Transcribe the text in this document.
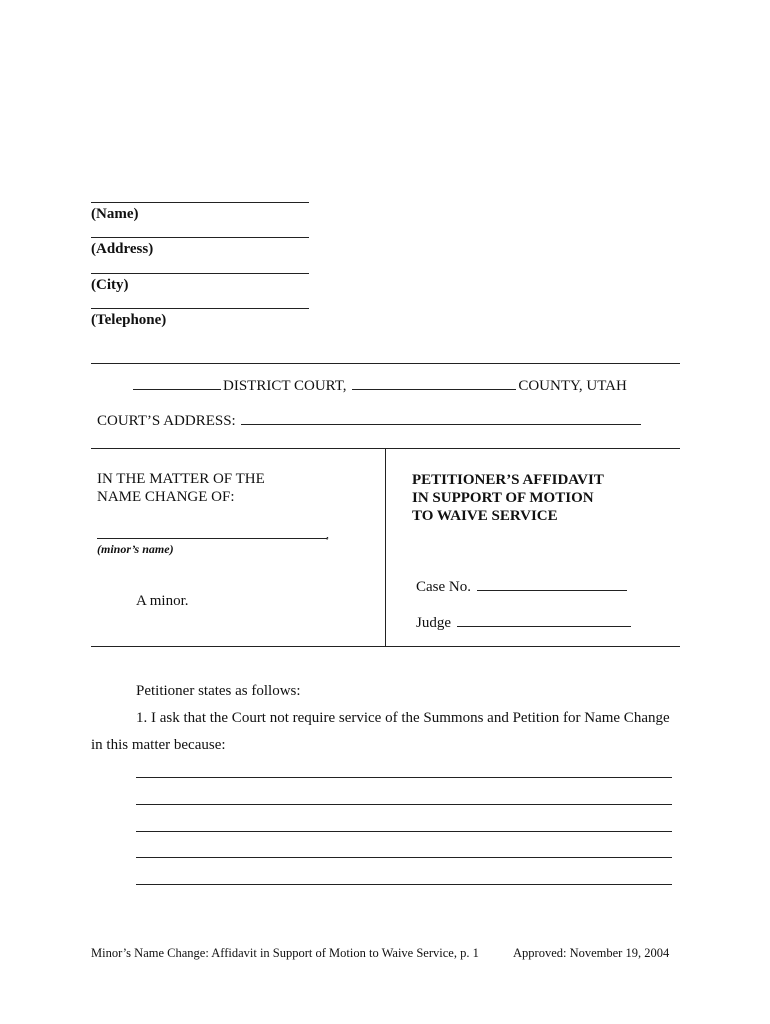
(Name)
(Address)
(City)
(Telephone)
DISTRICT COURT,	COUNTY, UTAH
COURT’S ADDRESS:
IN THE MATTER OF THE
NAME CHANGE OF:
,
(minor’s name)
A minor.
PETITIONER’S AFFIDAVIT
IN SUPPORT OF MOTION
TO WAIVE SERVICE
Case No.
Judge
Petitioner states as follows:
1. I ask that the Court not require service of the Summons and Petition for Name Change
in this matter because:
Minor’s Name Change: Affidavit in Support of Motion to Waive Service, p. 1	Approved: November 19, 2004
